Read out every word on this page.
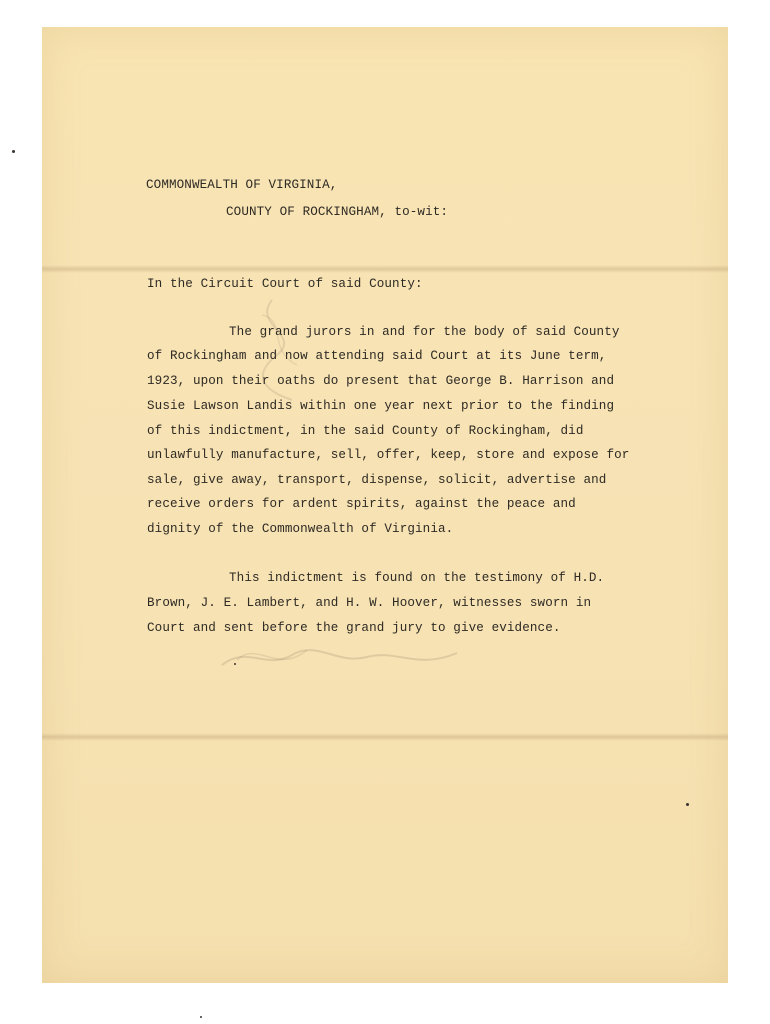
COMMONWEALTH OF VIRGINIA,
COUNTY OF ROCKINGHAM, to-wit:
In the Circuit Court of said County:
The grand jurors in and for the body of said County
of Rockingham and now attending said Court at its June term,
1923, upon their oaths do present that George B. Harrison and
Susie Lawson Landis within one year next prior to the finding
of this indictment, in the said County of Rockingham, did
unlawfully manufacture, sell, offer, keep, store and expose for
sale, give away, transport, dispense, solicit, advertise and
receive orders for ardent spirits, against the peace and
dignity of the Commonwealth of Virginia.
This indictment is found on the testimony of H.D.
Brown, J. E. Lambert, and H. W. Hoover, witnesses sworn in
Court and sent before the grand jury to give evidence.
